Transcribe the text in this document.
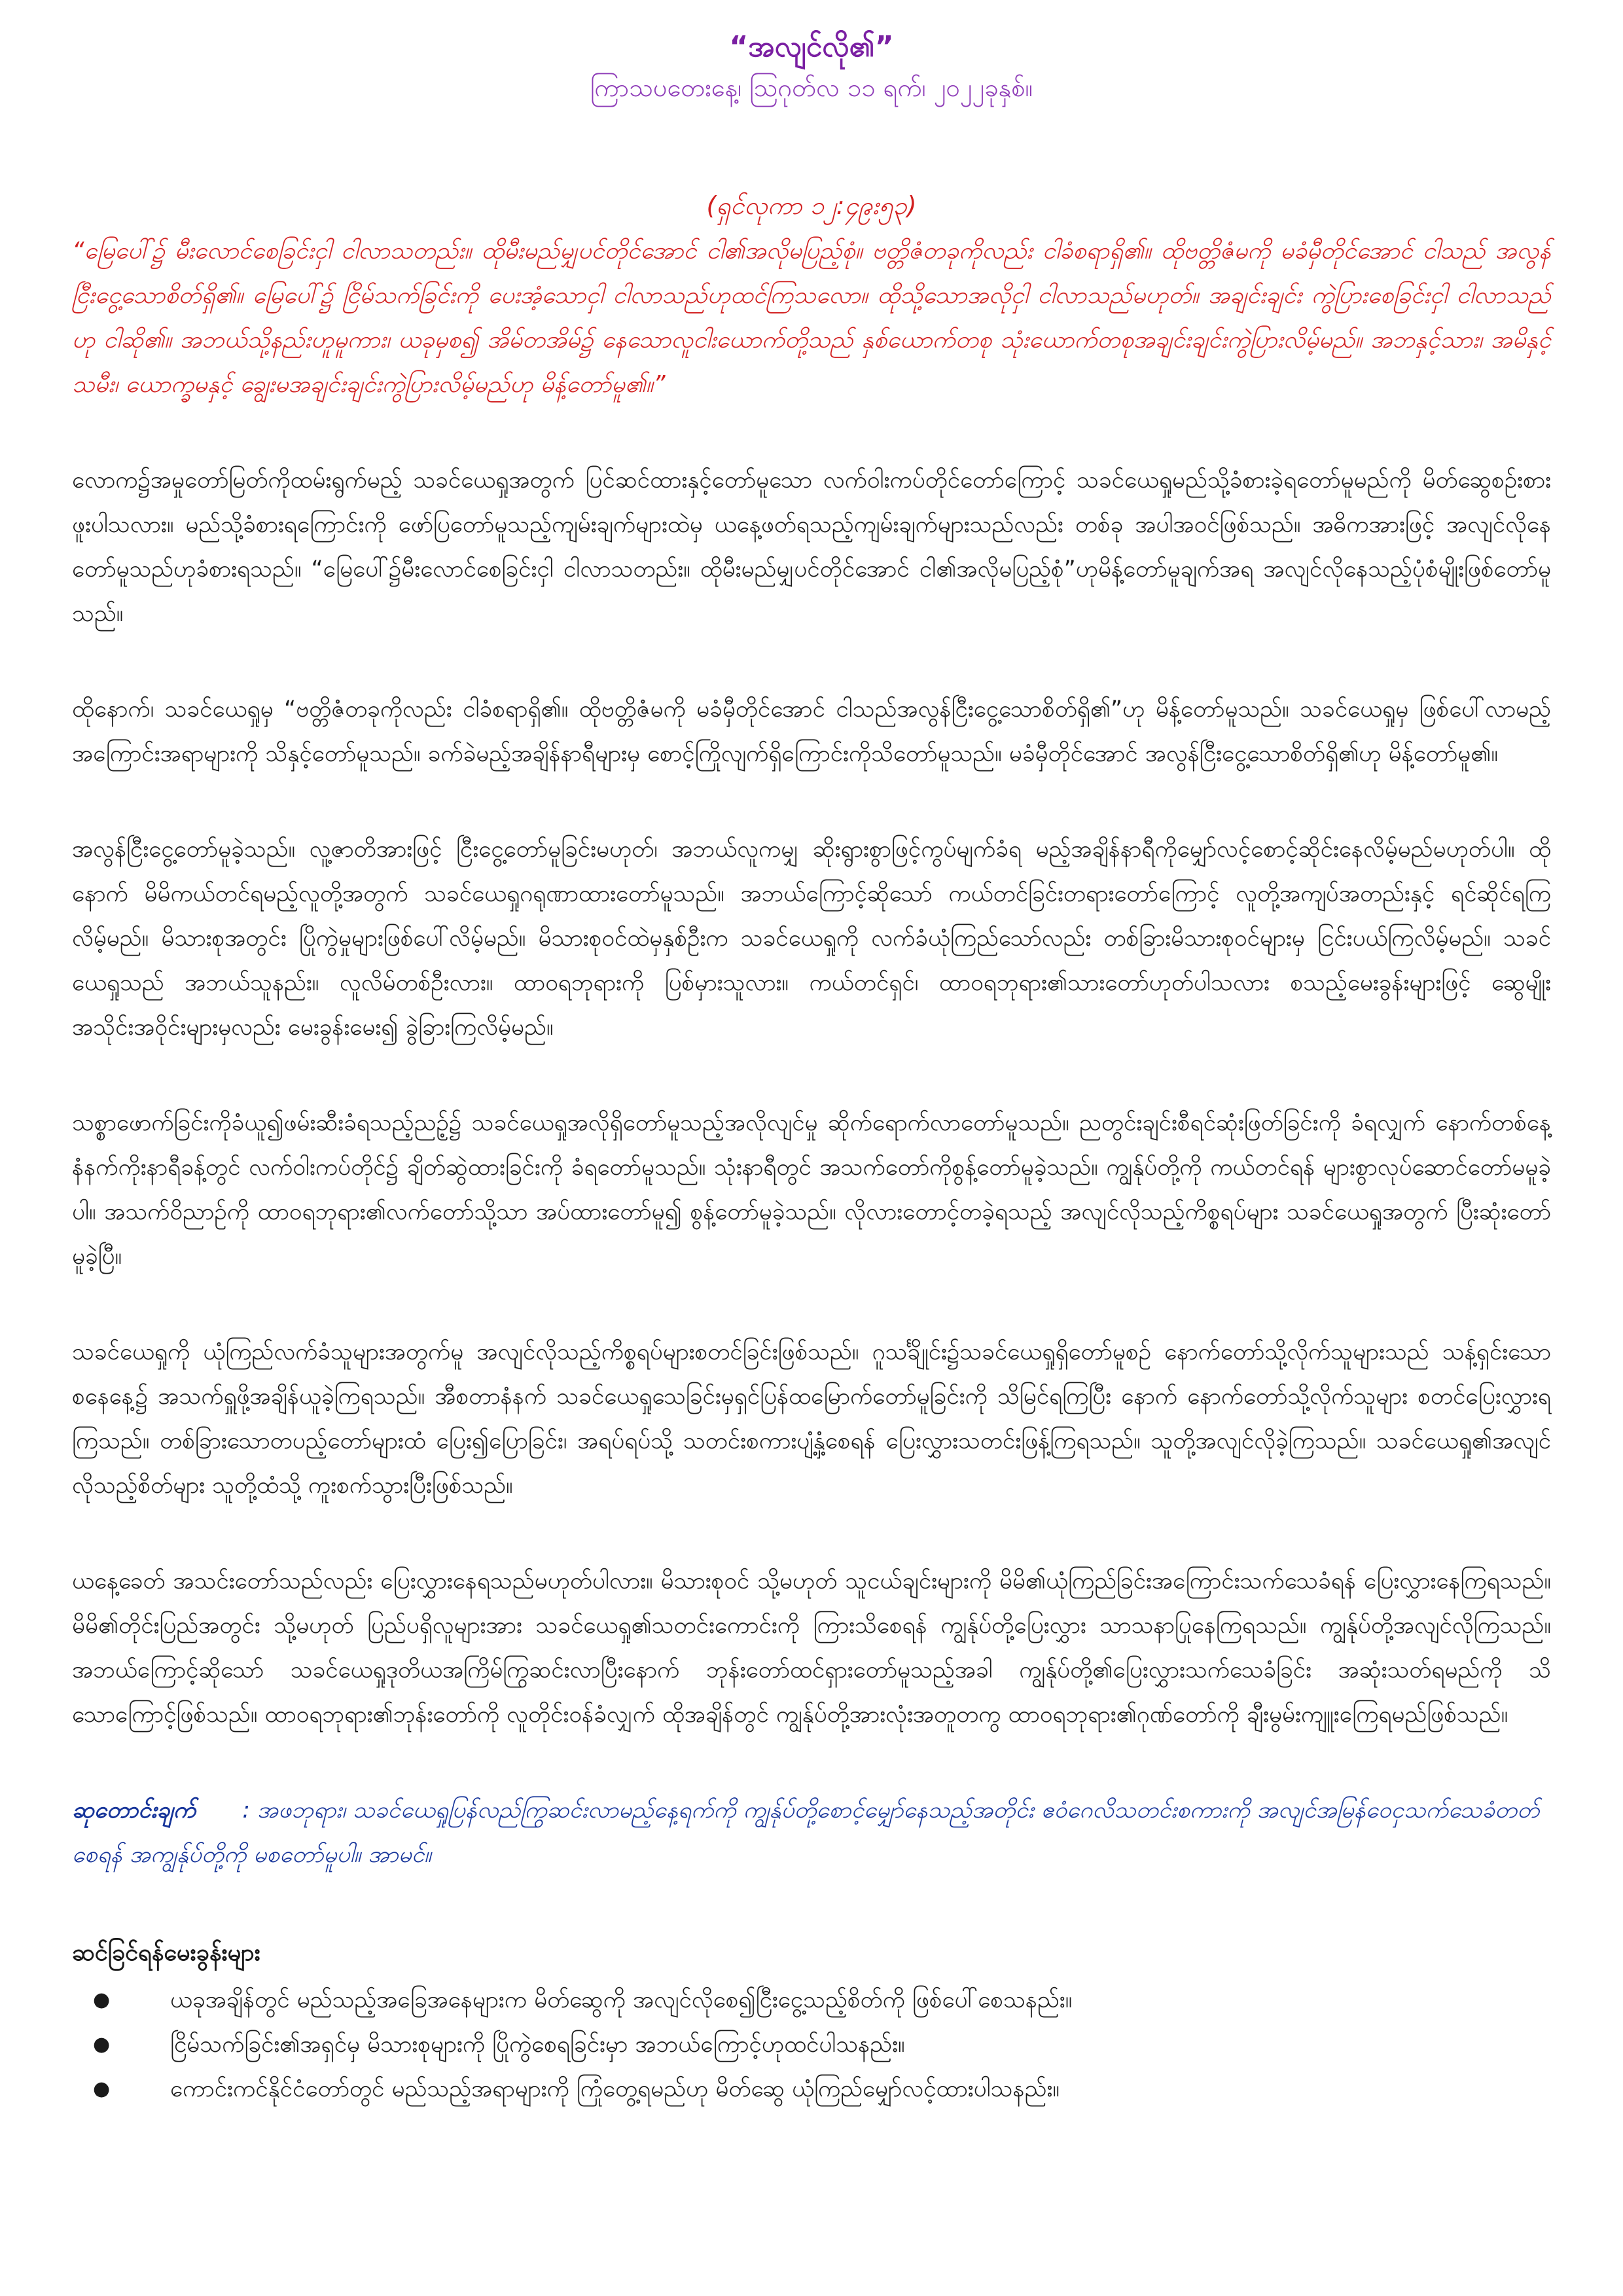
“အလျင်လို၏”

ကြာသပတေးနေ့၊ ဩဂုတ်လ ၁၁ ရက်၊ ၂၀၂၂ခုနှစ်။

(ရှင်လုကာ ၁၂:၄၉း၅၃)

“မြေပေါ်၌ မီးလောင်စေခြင်းငှါ ငါလာသတည်း။ ထိုမီးမည်မျှပင်တိုင်အောင် ငါ၏အလိုမပြည့်စုံ။ ဗတ္တိဇံတခုကိုလည်း ငါခံစရာရှိ၏။ ထိုဗတ္တိဇံမကို မခံမှီတိုင်အောင် ငါသည် အလွန်ငြီးငွေ့သောစိတ်ရှိ၏။ မြေပေါ်၌ ငြိမ်သက်ခြင်းကို ပေးအံ့သောငှါ ငါလာသည်ဟုထင်ကြသလော။ ထိုသို့သောအလိုငှါ ငါလာသည်မဟုတ်။ အချင်းချင်း ကွဲပြားစေခြင်းငှါ ငါလာသည်ဟု ငါဆို၏။ အဘယ်သို့နည်းဟူမူကား၊ ယခုမှစ၍ အိမ်တအိမ်၌ နေသောလူငါးယောက်တို့သည် နှစ်ယောက်တစု သုံးယောက်တစုအချင်းချင်းကွဲပြားလိမ့်မည်။ အဘနှင့်သား၊ အမိနှင့်သမီး၊ ယောက္ခမနှင့် ချွေးမအချင်းချင်းကွဲပြားလိမ့်မည်ဟု မိန့်တော်မူ၏။”

လောက၌အမှုတော်မြတ်ကိုထမ်းရွက်မည့် သခင်ယေရှုအတွက် ပြင်ဆင်ထားနှင့်တော်မူသော လက်ဝါးကပ်တိုင်တော်ကြောင့် သခင်ယေရှုမည်သို့ခံစားခဲ့ရတော်မူမည်ကို မိတ်ဆွေစဉ်းစားဖူးပါသလား။ မည်သို့ခံစားရကြောင်းကို ဖော်ပြတော်မူသည့်ကျမ်းချက်များထဲမှ ယနေ့ဖတ်ရသည့်ကျမ်းချက်များသည်လည်း တစ်ခု အပါအဝင်ဖြစ်သည်။ အဓိကအားဖြင့် အလျင်လိုနေတော်မူသည်ဟုခံစားရသည်။ “မြေပေါ်၌မီးလောင်စေခြင်းငှါ ငါလာသတည်း။ ထိုမီးမည်မျှပင်တိုင်အောင် ငါ၏အလိုမပြည့်စုံ”ဟုမိန့်တော်မူချက်အရ အလျင်လိုနေသည့်ပုံစံမျိုးဖြစ်တော်မူသည်။

ထိုနောက်၊ သခင်ယေရှုမှ “ဗတ္တိဇံတခုကိုလည်း ငါခံစရာရှိ၏။ ထိုဗတ္တိဇံမကို မခံမှီတိုင်အောင် ငါသည်အလွန်ငြီးငွေ့သောစိတ်ရှိ၏”ဟု မိန့်တော်မူသည်။ သခင်ယေရှုမှ ဖြစ်ပေါ်လာမည့်အကြောင်းအရာများကို သိနှင့်တော်မူသည်။ ခက်ခဲမည့်အချိန်နာရီများမှ စောင့်ကြိုလျက်ရှိကြောင်းကိုသိတော်မူသည်။ မခံမှီတိုင်အောင် အလွန်ငြီးငွေ့သောစိတ်ရှိ၏ဟု မိန့်တော်မူ၏။

အလွန်ငြီးငွေ့တော်မူခဲ့သည်။ လူ့ဇာတိအားဖြင့် ငြီးငွေ့တော်မူခြင်းမဟုတ်၊ အဘယ်လူကမျှ ဆိုးရွားစွာဖြင့်ကွပ်မျက်ခံရ မည့်အချိန်နာရီကိုမျှော်လင့်စောင့်ဆိုင်းနေလိမ့်မည်မဟုတ်ပါ။ ထိုနောက် မိမိကယ်တင်ရမည့်လူတို့အတွက် သခင်ယေရှုဂရုဏာထားတော်မူသည်။ အဘယ်ကြောင့်ဆိုသော် ကယ်တင်ခြင်းတရားတော်ကြောင့် လူတို့အကျပ်အတည်းနှင့် ရင်ဆိုင်ရကြလိမ့်မည်။ မိသားစုအတွင်း ပြိုကွဲမှုများဖြစ်ပေါ်လိမ့်မည်။ မိသားစုဝင်ထဲမှနှစ်ဦးက သခင်ယေရှုကို လက်ခံယုံကြည်သော်လည်း တစ်ခြားမိသားစုဝင်များမှ ငြင်းပယ်ကြလိမ့်မည်။ သခင်ယေရှုသည် အဘယ်သူနည်း။ လူလိမ်တစ်ဦးလား။ ထာဝရဘုရားကို ပြစ်မှားသူလား။ ကယ်တင်ရှင်၊ ထာဝရဘုရား၏သားတော်ဟုတ်ပါသလား စသည့်မေးခွန်းများဖြင့် ဆွေမျိုးအသိုင်းအဝိုင်းများမှလည်း မေးခွန်းမေး၍ ခွဲခြားကြလိမ့်မည်။

သစ္စာဖောက်ခြင်းကိုခံယူ၍ဖမ်းဆီးခံရသည့်ညဉ့်၌ သခင်ယေရှုအလိုရှိတော်မူသည့်အလိုလျင်မှု ဆိုက်ရောက်လာတော်မူသည်။ ညတွင်းချင်းစီရင်ဆုံးဖြတ်ခြင်းကို ခံရလျှက် နောက်တစ်နေ့နံနက်ကိုးနာရီခန့်တွင် လက်ဝါးကပ်တိုင်၌ ချိတ်ဆွဲထားခြင်းကို ခံရတော်မူသည်။ သုံးနာရီတွင် အသက်တော်ကိုစွန့်တော်မူခဲ့သည်။ ကျွန်ုပ်တို့ကို ကယ်တင်ရန် များစွာလုပ်ဆောင်တော်မမူခဲ့ပါ။ အသက်ဝိညာဉ်ကို ထာဝရဘုရား၏လက်တော်သို့သာ အပ်ထားတော်မူ၍ စွန့်တော်မူခဲ့သည်။ လိုလားတောင့်တခဲ့ရသည့် အလျင်လိုသည့်ကိစ္စရပ်များ သခင်ယေရှုအတွက် ပြီးဆုံးတော်မူခဲ့ပြီ။

သခင်ယေရှုကို ယုံကြည်လက်ခံသူများအတွက်မူ အလျင်လိုသည့်ကိစ္စရပ်များစတင်ခြင်းဖြစ်သည်။ ဂူသင်္ချိုင်း၌သခင်ယေရှုရှိတော်မူစဉ် နောက်တော်သို့လိုက်သူများသည် သန့်ရှင်းသောစနေနေ့၌ အသက်ရှူဖို့အချိန်ယူခဲ့ကြရသည်။ အီစတာနံနက် သခင်ယေရှုသေခြင်းမှရှင်ပြန်ထမြောက်တော်မူခြင်းကို သိမြင်ရကြပြီး နောက် နောက်တော်သို့လိုက်သူများ စတင်ပြေးလွှားရကြသည်။ တစ်ခြားသောတပည့်တော်များထံ ပြေး၍ပြောခြင်း၊ အရပ်ရပ်သို့ သတင်းစကားပျံ့နှံ့စေရန် ပြေးလွှားသတင်းဖြန့်ကြရသည်။ သူတို့အလျင်လိုခဲ့ကြသည်။ သခင်ယေရှု၏အလျင်လိုသည့်စိတ်များ သူတို့ထံသို့ ကူးစက်သွားပြီးဖြစ်သည်။

ယနေ့ခေတ် အသင်းတော်သည်လည်း ပြေးလွှားနေရသည်မဟုတ်ပါလား။ မိသားစုဝင် သို့မဟုတ် သူငယ်ချင်းများကို မိမိ၏ယုံကြည်ခြင်းအကြောင်းသက်သေခံရန် ပြေးလွှားနေကြရသည်။ မိမိ၏တိုင်းပြည်အတွင်း သို့မဟုတ် ပြည်ပရှိလူများအား သခင်ယေရှု၏သတင်းကောင်းကို ကြားသိစေရန် ကျွန်ုပ်တို့ပြေးလွှား သာသနာပြုနေကြရသည်။ ကျွန်ုပ်တို့အလျင်လိုကြသည်။ အဘယ်ကြောင့်ဆိုသော် သခင်ယေရှုဒုတိယအကြိမ်ကြွဆင်းလာပြီးနောက် ဘုန်းတော်ထင်ရှားတော်မူသည့်အခါ ကျွန်ုပ်တို့၏ပြေးလွှားသက်သေခံခြင်း အဆုံးသတ်ရမည်ကို သိသောကြောင့်ဖြစ်သည်။ ထာဝရဘုရား၏ဘုန်းတော်ကို လူတိုင်းဝန်ခံလျှက် ထိုအချိန်တွင် ကျွန်ုပ်တို့အားလုံးအတူတကွ ထာဝရဘုရား၏ဂုဏ်တော်ကို ချီးမွမ်းကျူးကြေရမည်ဖြစ်သည်။

ဆုတောင်းချက် : အဖဘုရား၊ သခင်ယေရှုပြန်လည်ကြွဆင်းလာမည့်နေ့ရက်ကို ကျွန်ုပ်တို့စောင့်မျှော်နေသည့်အတိုင်း ဧဝံဂေလိသတင်းစကားကို အလျင်အမြန်ဝေငှသက်သေခံတတ်စေရန် အကျွန်ုပ်တို့ကို မစတော်မူပါ။ အာမင်။

ဆင်ခြင်ရန်မေးခွန်းများ

●	ယခုအချိန်တွင် မည်သည့်အခြေအနေများက မိတ်ဆွေကို အလျင်လိုစေ၍ငြီးငွေ့သည့်စိတ်ကို ဖြစ်ပေါ်စေသနည်း။
●	ငြိမ်သက်ခြင်း၏အရှင်မှ မိသားစုများကို ပြိုကွဲစေရခြင်းမှာ အဘယ်ကြောင့်ဟုထင်ပါသနည်း။
●	ကောင်းကင်နိုင်ငံတော်တွင် မည်သည့်အရာများကို ကြုံတွေ့ရမည်ဟု မိတ်ဆွေ ယုံကြည်မျှော်လင့်ထားပါသနည်း။
